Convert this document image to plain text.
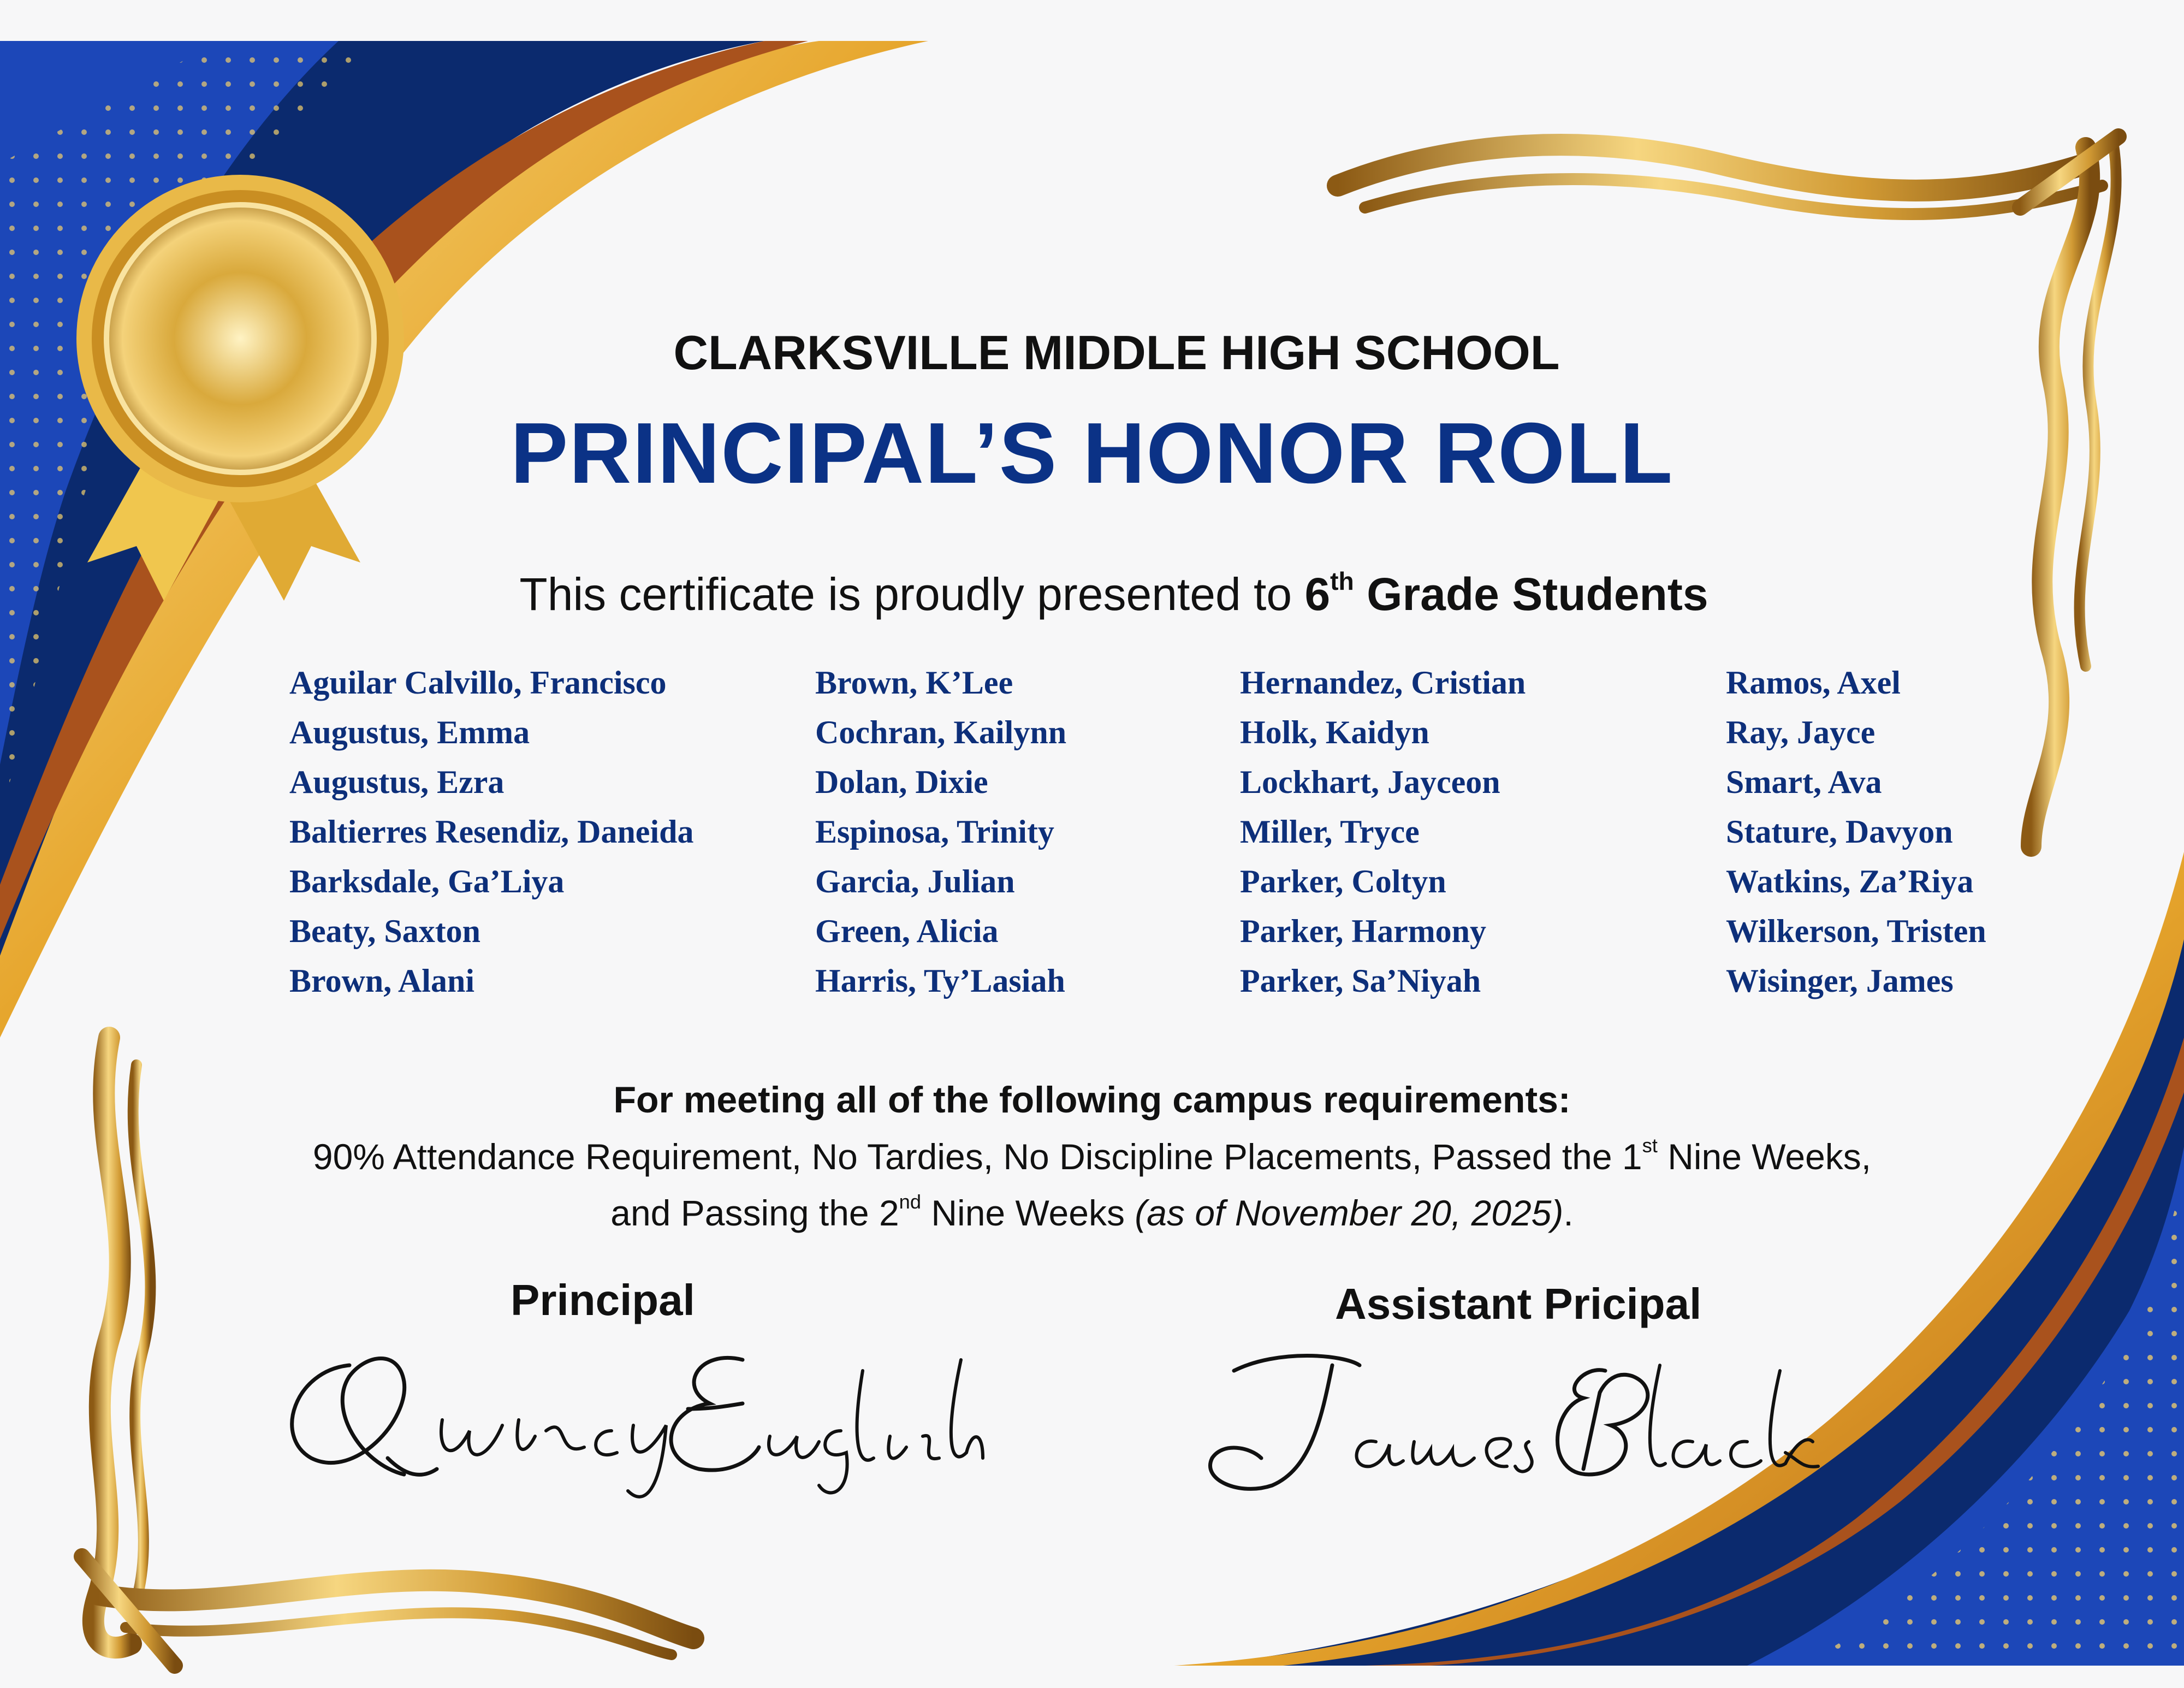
CLARKSVILLE MIDDLE HIGH SCHOOL
PRINCIPAL’S HONOR ROLL
This certificate is proudly presented to 6th Grade Students
Aguilar Calvillo, Francisco
Augustus, Emma
Augustus, Ezra
Baltierres Resendiz, Daneida
Barksdale, Ga’Liya
Beaty, Saxton
Brown, Alani
Brown, K’Lee
Cochran, Kailynn
Dolan, Dixie
Espinosa, Trinity
Garcia, Julian
Green, Alicia
Harris, Ty’Lasiah
Hernandez, Cristian
Holk, Kaidyn
Lockhart, Jayceon
Miller, Tryce
Parker, Coltyn
Parker, Harmony
Parker, Sa’Niyah
Ramos, Axel
Ray, Jayce
Smart, Ava
Stature, Davyon
Watkins, Za’Riya
Wilkerson, Tristen
Wisinger, James
For meeting all of the following campus requirements:
90% Attendance Requirement, No Tardies, No Discipline Placements, Passed the 1st Nine Weeks,
and Passing the 2nd Nine Weeks (as of November 20, 2025).
Principal	Assistant Pricipal
